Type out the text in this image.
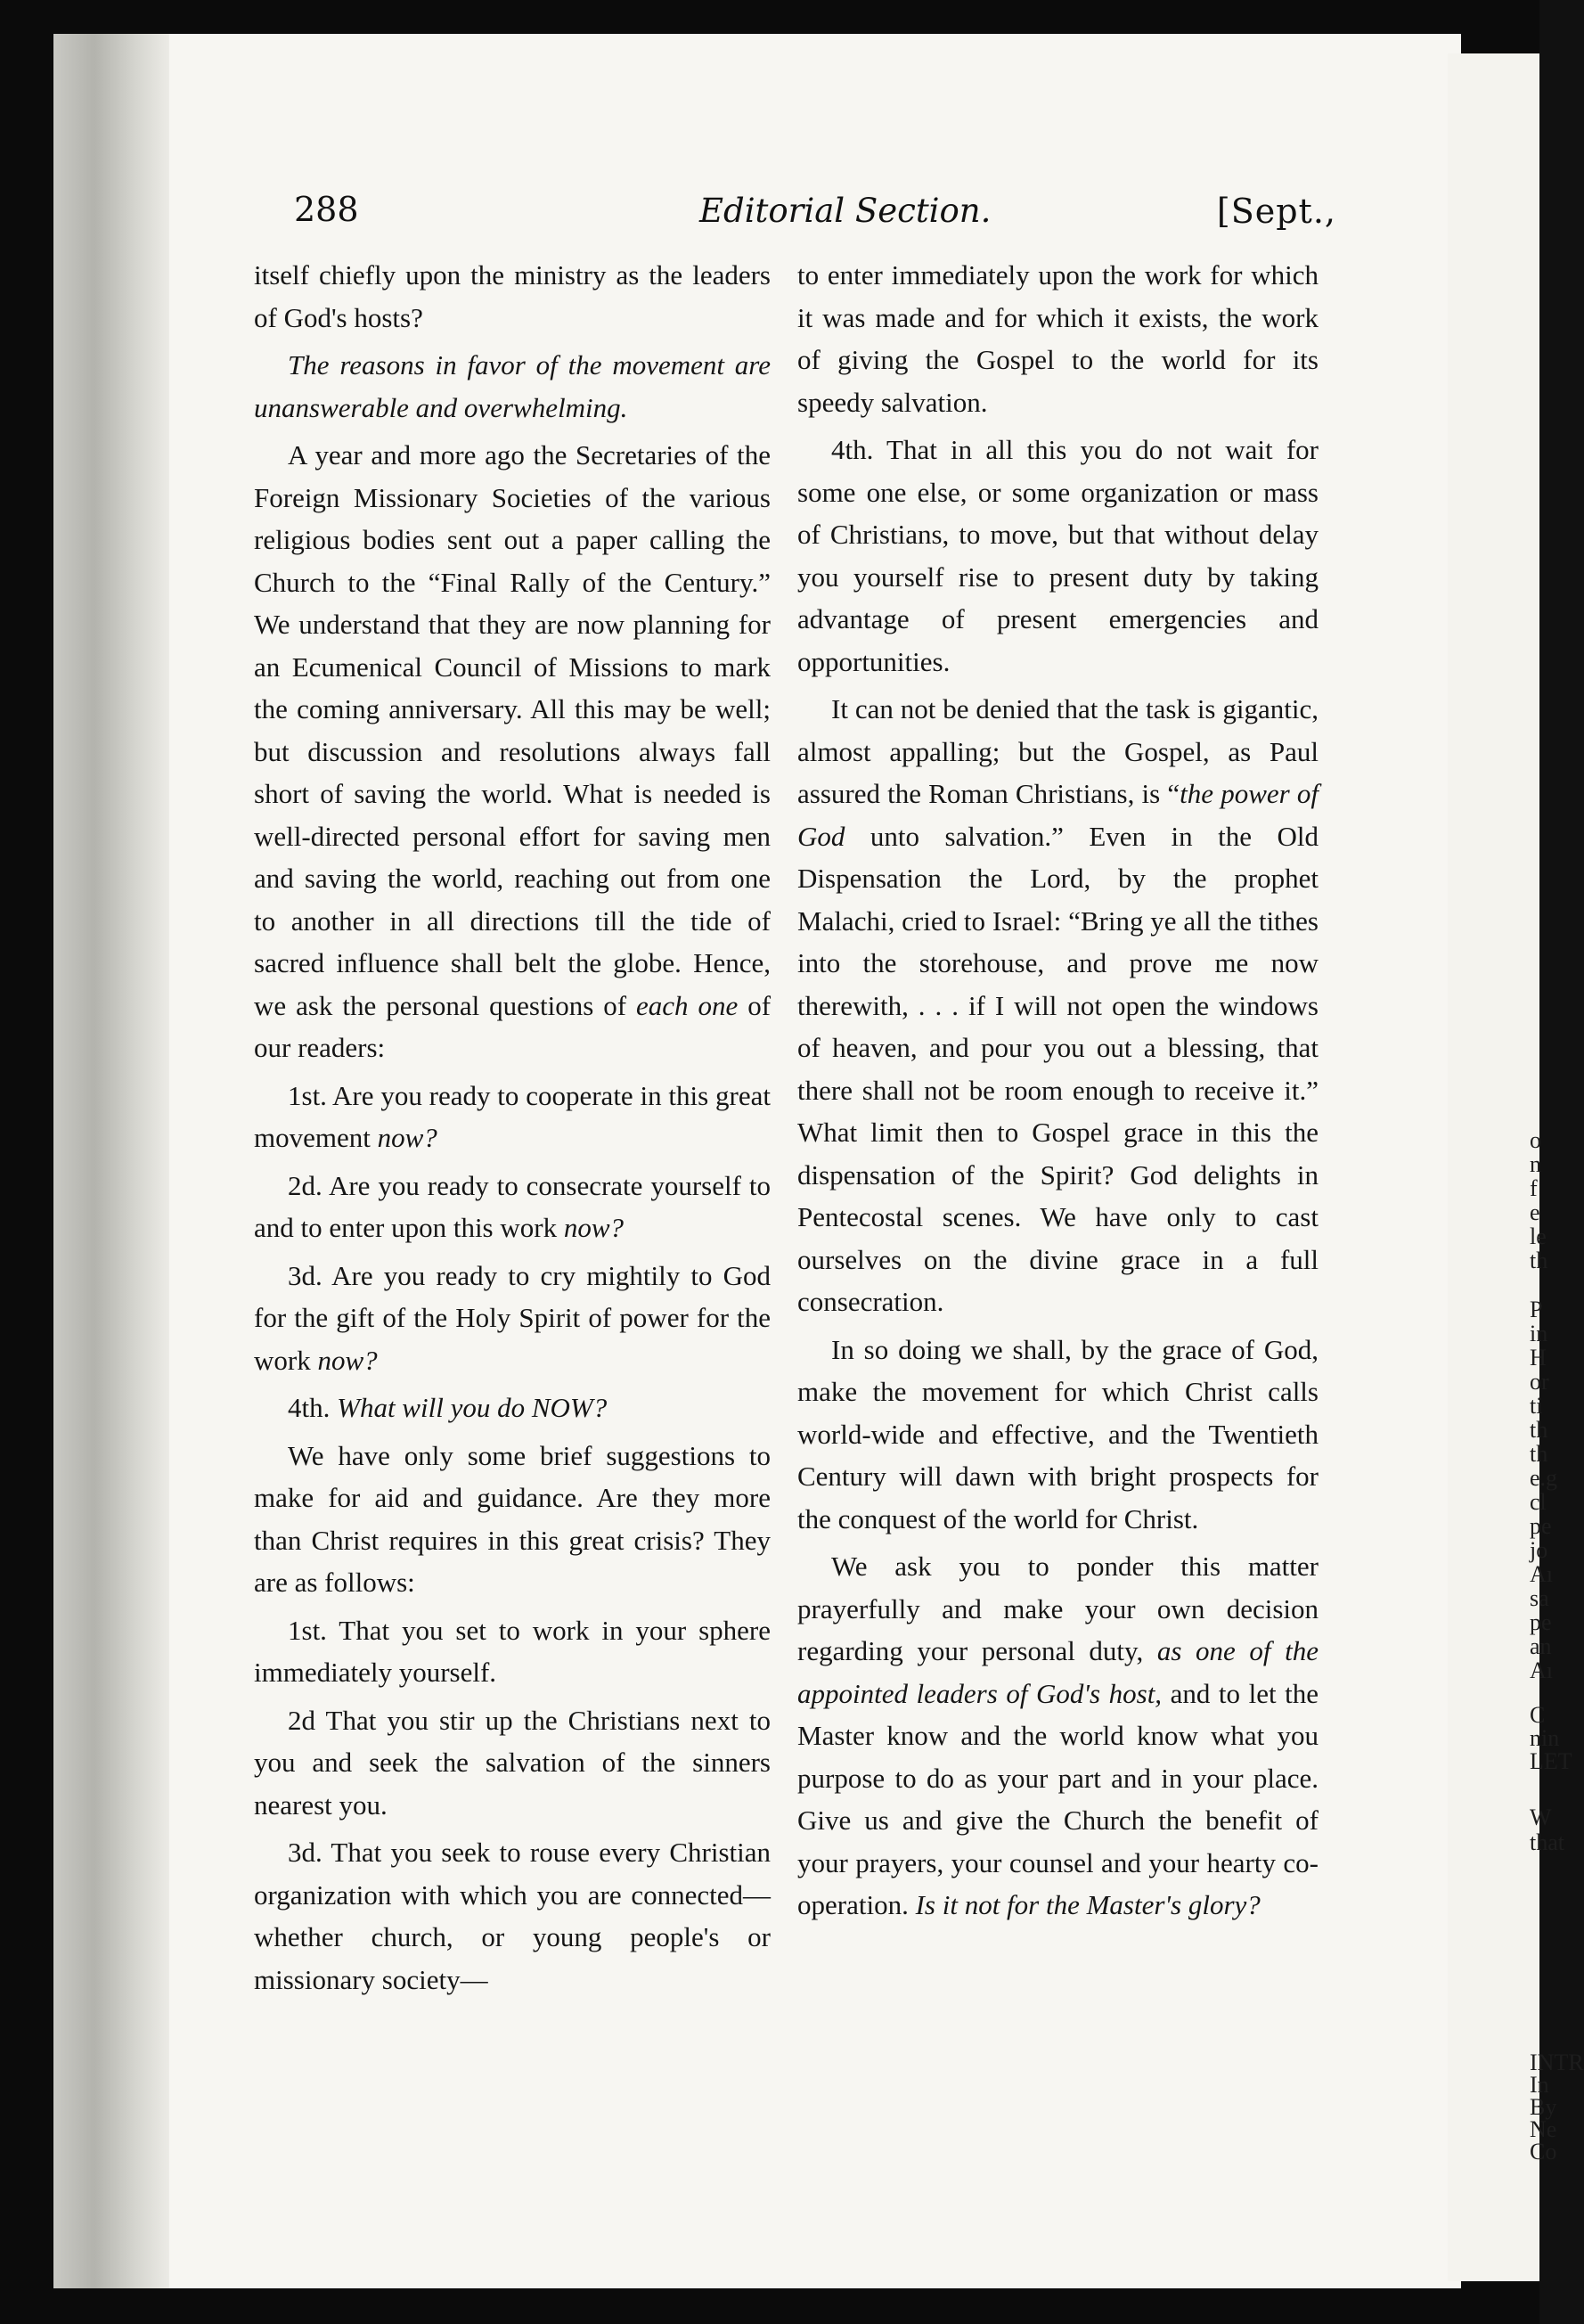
288	Editorial Section.	[Sept.,

itself chiefly upon the ministry as the leaders of God's hosts?

The reasons in favor of the movement are unanswerable and overwhelming.

A year and more ago the Secretaries of the Foreign Missionary Societies of the various religious bodies sent out a paper calling the Church to the “Final Rally of the Century.” We understand that they are now planning for an Ecumenical Council of Missions to mark the coming anniversary. All this may be well; but discussion and resolutions always fall short of saving the world. What is needed is well-directed personal effort for saving men and saving the world, reaching out from one to another in all directions till the tide of sacred influence shall belt the globe. Hence, we ask the personal questions of each one of our readers:

1st. Are you ready to cooperate in this great movement now?

2d. Are you ready to consecrate yourself to and to enter upon this work now?

3d. Are you ready to cry mightily to God for the gift of the Holy Spirit of power for the work now?

4th. What will you do NOW?

We have only some brief suggestions to make for aid and guidance. Are they more than Christ requires in this great crisis? They are as follows:

1st. That you set to work in your sphere immediately yourself.

2d That you stir up the Christians next to you and seek the salvation of the sinners nearest you.

3d. That you seek to rouse every Christian organization with which you are connected—whether church, or young people's or missionary society—

to enter immediately upon the work for which it was made and for which it exists, the work of giving the Gospel to the world for its speedy salvation.

4th. That in all this you do not wait for some one else, or some organization or mass of Christians, to move, but that without delay you yourself rise to present duty by taking advantage of present emergencies and opportunities.

It can not be denied that the task is gigantic, almost appalling; but the Gospel, as Paul assured the Roman Christians, is “the power of God unto salvation.” Even in the Old Dispensation the Lord, by the prophet Malachi, cried to Israel: “Bring ye all the tithes into the storehouse, and prove me now therewith, . . . if I will not open the windows of heaven, and pour you out a blessing, that there shall not be room enough to receive it.” What limit then to Gospel grace in this the dispensation of the Spirit? God delights in Pentecostal scenes. We have only to cast ourselves on the divine grace in a full consecration.

In so doing we shall, by the grace of God, make the movement for which Christ calls world-wide and effective, and the Twentieth Century will dawn with bright prospects for the conquest of the world for Christ.

We ask you to ponder this matter prayerfully and make your own decision regarding your personal duty, as one of the appointed leaders of God's host, and to let the Master know and the world know what you purpose to do as your part and in your place. Give us and give the Church the benefit of your prayers, your counsel and your hearty co-operation. Is it not for the Master's glory?

o
n
f
e
le
th
P
in
H
or
ti
th
th
e.g
cl
pe
jo
Aı
sa
pe
an
Aı
C
nin
LET
W
that
INTR
In
By
Ne
Co
